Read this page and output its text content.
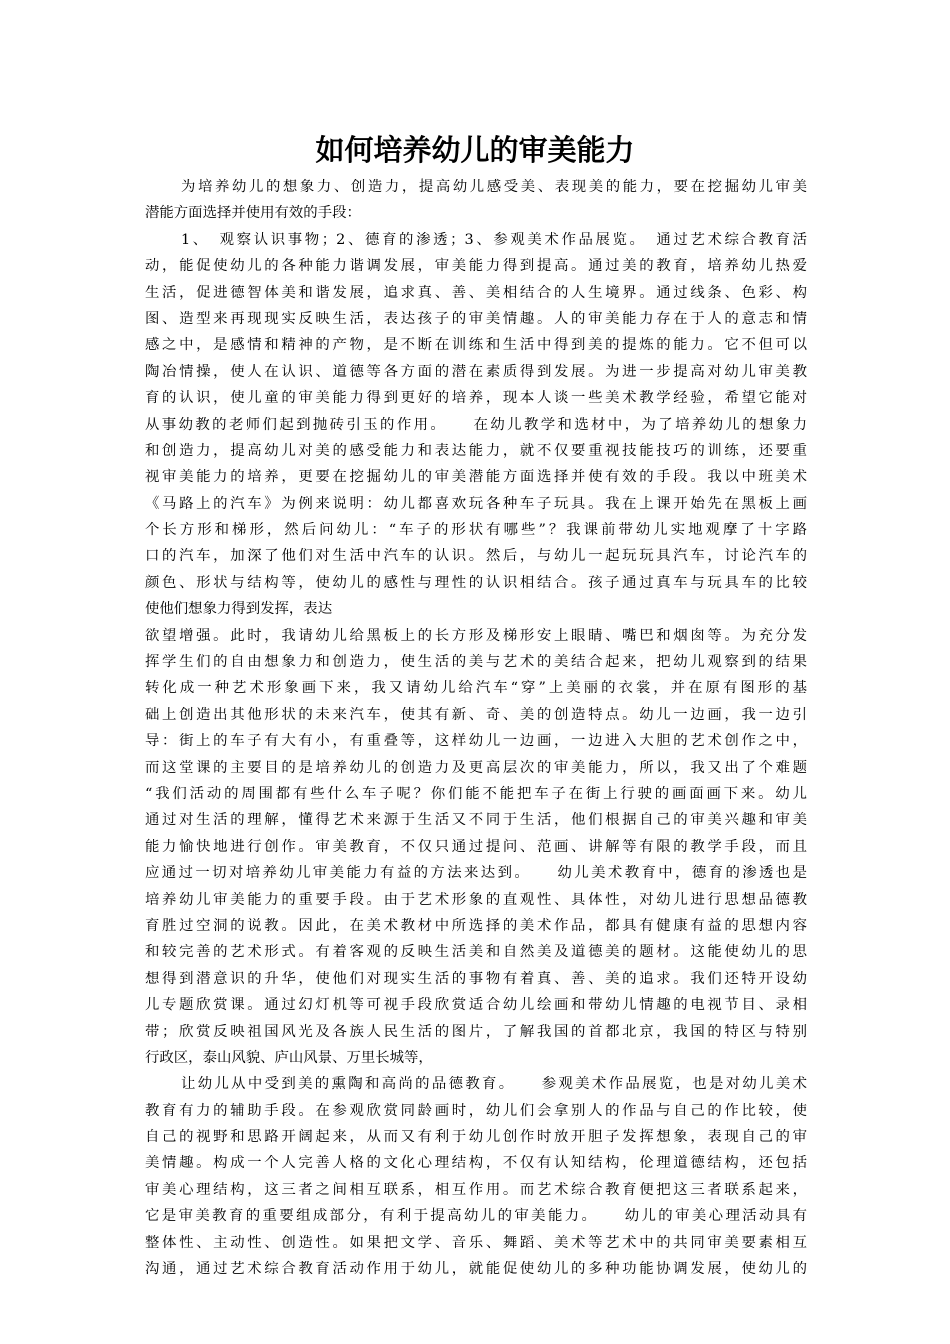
如何培养幼儿的审美能力
为培养幼儿的想象力、创造力，提高幼儿感受美、表现美的能力，要在挖掘幼儿审美
潜能方面选择并使用有效的手段：
1、　观察认识事物；2、德育的渗透；3、参观美术作品展览。　通过艺术综合教育活
动，能促使幼儿的各种能力谐调发展，审美能力得到提高。通过美的教育，培养幼儿热爱
生活，促进德智体美和谐发展，追求真、善、美相结合的人生境界。通过线条、色彩、构
图、造型来再现现实反映生活，表达孩子的审美情趣。人的审美能力存在于人的意志和情
感之中，是感情和精神的产物，是不断在训练和生活中得到美的提炼的能力。它不但可以
陶冶情操，使人在认识、道德等各方面的潜在素质得到发展。为进一步提高对幼儿审美教
育的认识，使儿童的审美能力得到更好的培养，现本人谈一些美术教学经验，希望它能对
从事幼教的老师们起到抛砖引玉的作用。　　在幼儿教学和选材中，为了培养幼儿的想象力
和创造力，提高幼儿对美的感受能力和表达能力，就不仅要重视技能技巧的训练，还要重
视审美能力的培养，更要在挖掘幼儿的审美潜能方面选择并使有效的手段。我以中班美术
《马路上的汽车》为例来说明：幼儿都喜欢玩各种车子玩具。我在上课开始先在黑板上画
个长方形和梯形，然后问幼儿：“车子的形状有哪些”？我课前带幼儿实地观摩了十字路
口的汽车，加深了他们对生活中汽车的认识。然后，与幼儿一起玩玩具汽车，讨论汽车的
颜色、形状与结构等，使幼儿的感性与理性的认识相结合。孩子通过真车与玩具车的比较
使他们想象力得到发挥，表达
欲望增强。此时，我请幼儿给黑板上的长方形及梯形安上眼睛、嘴巴和烟囱等。为充分发
挥学生们的自由想象力和创造力，使生活的美与艺术的美结合起来，把幼儿观察到的结果
转化成一种艺术形象画下来，我又请幼儿给汽车“穿”上美丽的衣裳，并在原有图形的基
础上创造出其他形状的未来汽车，使其有新、奇、美的创造特点。幼儿一边画，我一边引
导：街上的车子有大有小，有重叠等，这样幼儿一边画，一边进入大胆的艺术创作之中，
而这堂课的主要目的是培养幼儿的创造力及更高层次的审美能力，所以，我又出了个难题
“我们活动的周围都有些什么车子呢？你们能不能把车子在街上行驶的画面画下来。幼儿
通过对生活的理解，懂得艺术来源于生活又不同于生活，他们根据自己的审美兴趣和审美
能力愉快地进行创作。审美教育，不仅只通过提问、范画、讲解等有限的教学手段，而且
应通过一切对培养幼儿审美能力有益的方法来达到。　　幼儿美术教育中，德育的渗透也是
培养幼儿审美能力的重要手段。由于艺术形象的直观性、具体性，对幼儿进行思想品德教
育胜过空洞的说教。因此，在美术教材中所选择的美术作品，都具有健康有益的思想内容
和较完善的艺术形式。有着客观的反映生活美和自然美及道德美的题材。这能使幼儿的思
想得到潜意识的升华，使他们对现实生活的事物有着真、善、美的追求。我们还特开设幼
儿专题欣赏课。通过幻灯机等可视手段欣赏适合幼儿绘画和带幼儿情趣的电视节目、录相
带；欣赏反映祖国风光及各族人民生活的图片，了解我国的首都北京，我国的特区与特别
行政区，泰山风貌、庐山风景、万里长城等，
让幼儿从中受到美的熏陶和高尚的品德教育。　　参观美术作品展览，也是对幼儿美术
教育有力的辅助手段。在参观欣赏同龄画时，幼儿们会拿别人的作品与自己的作比较，使
自己的视野和思路开阔起来，从而又有利于幼儿创作时放开胆子发挥想象，表现自己的审
美情趣。构成一个人完善人格的文化心理结构，不仅有认知结构，伦理道德结构，还包括
审美心理结构，这三者之间相互联系，相互作用。而艺术综合教育便把这三者联系起来，
它是审美教育的重要组成部分，有利于提高幼儿的审美能力。　　幼儿的审美心理活动具有
整体性、主动性、创造性。如果把文学、音乐、舞蹈、美术等艺术中的共同审美要素相互
沟通，通过艺术综合教育活动作用于幼儿，就能促使幼儿的多种功能协调发展，使幼儿的
